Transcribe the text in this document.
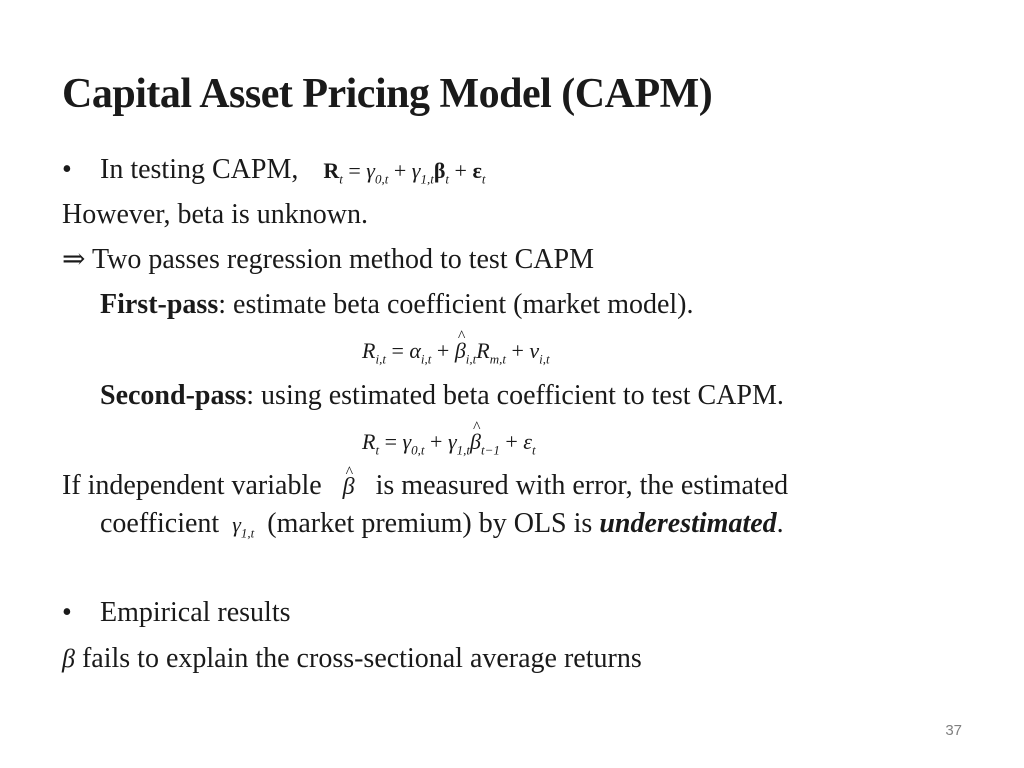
Capital Asset Pricing Model (CAPM)
• In testing CAPM, $R_t = \gamma_{0,t} + \gamma_{1,t}\beta_t + \varepsilon_t$
However, beta is unknown.
⇒ Two passes regression method to test CAPM
First-pass: estimate beta coefficient (market model).
$R_{i,t} = \alpha_{i,t}$ + ^ $\beta_{i,t}R_{m,t} + \nu_{i,t}$
Second-pass: using estimated beta coefficient to test CAPM.
$R_t = \gamma_{0,t}$ + $\gamma_{1,t}\^{}$ $\beta_{t-1} + \varepsilon_t$
If independent variable ^ β is measured with error, the estimated
coefficient $\gamma_{1,t}$ (market premium) by OLS is underestimated.
• Empirical results
β fails to explain the cross-sectional average returns
37
